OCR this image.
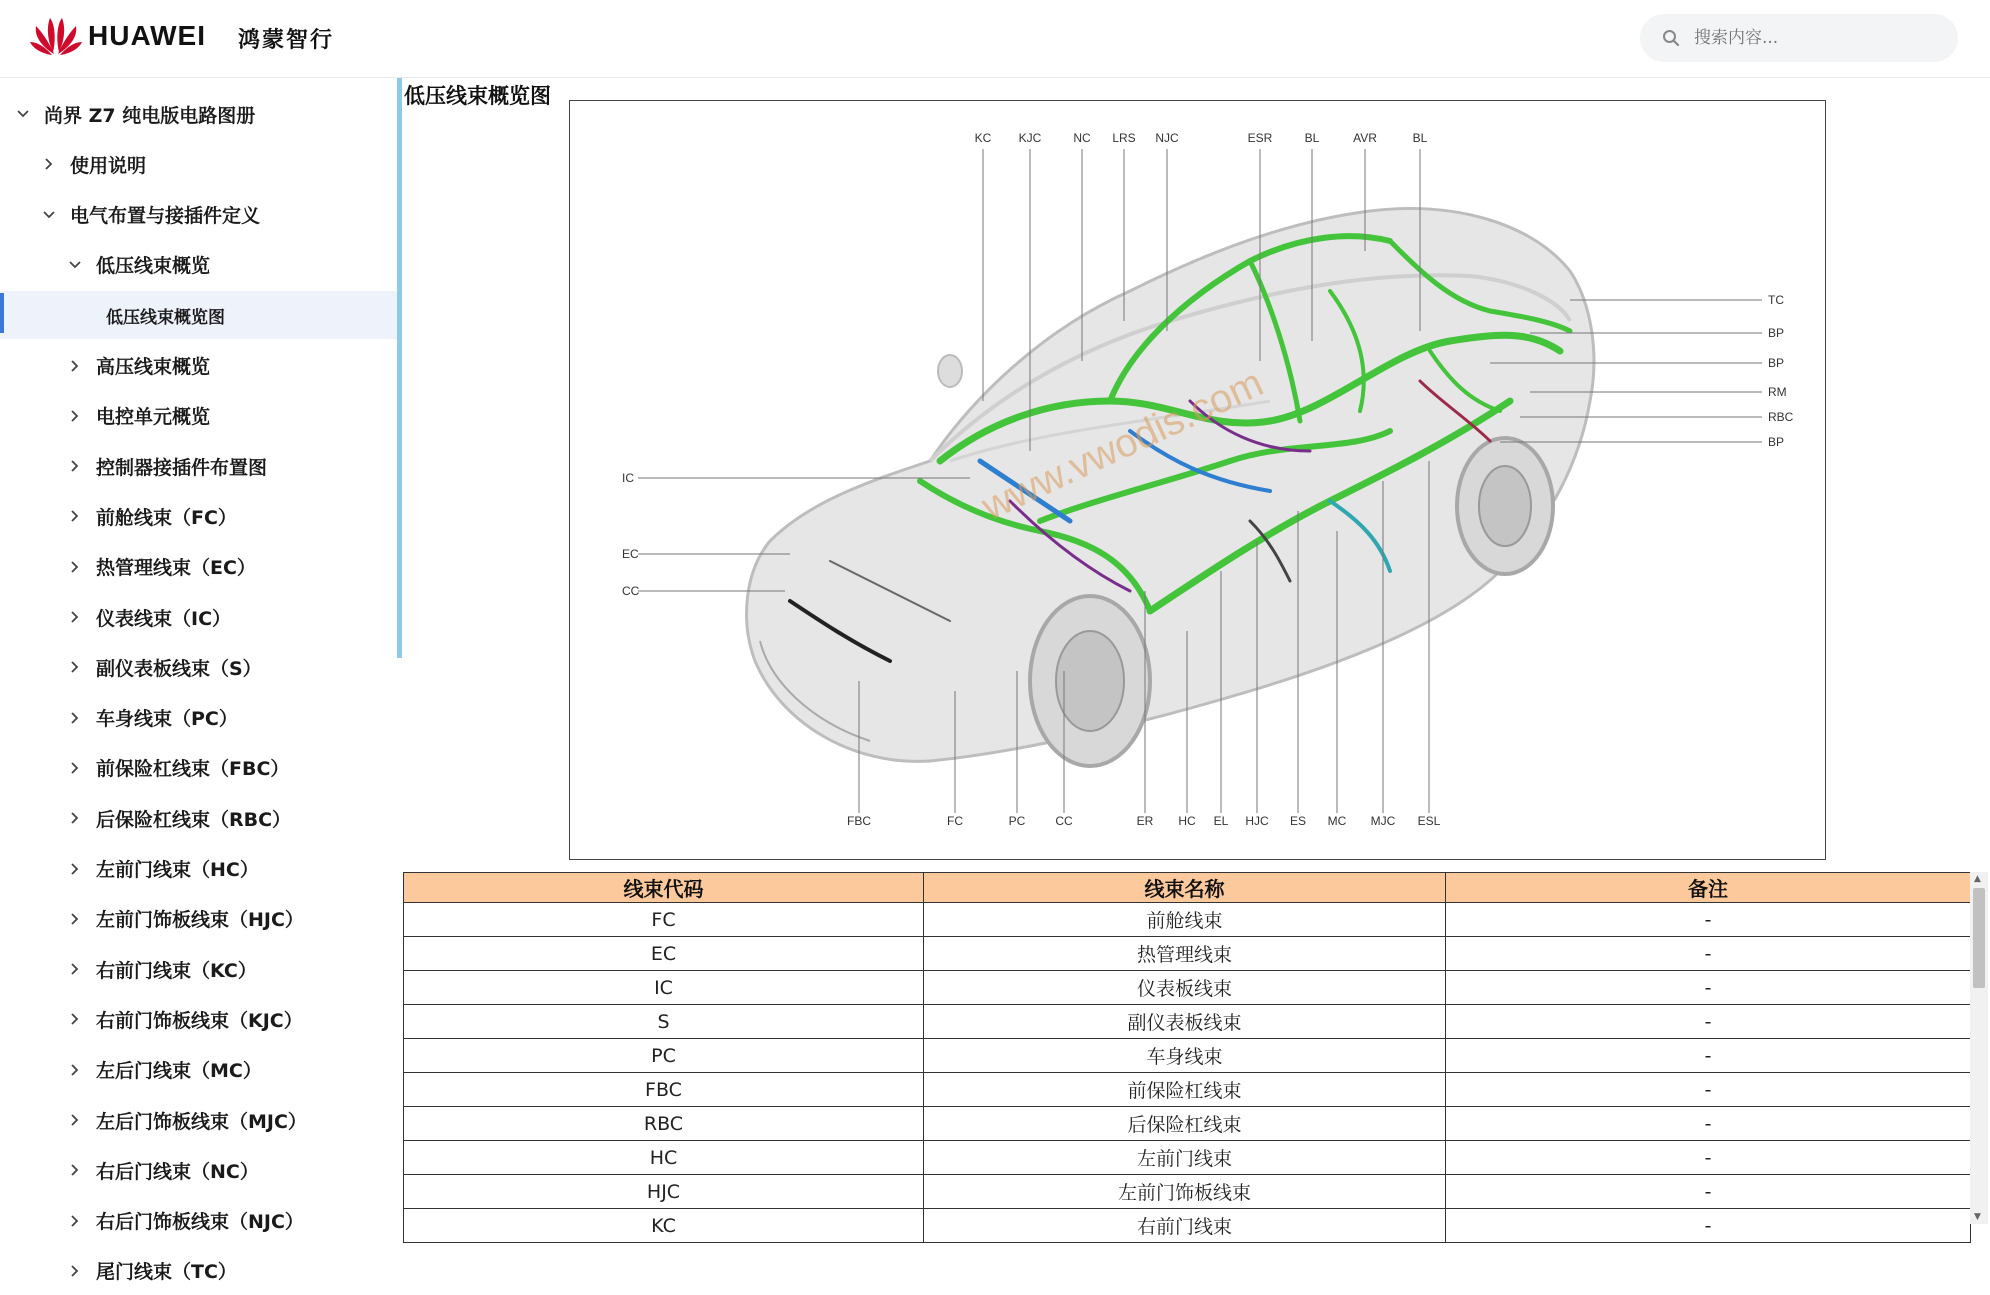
HUAWEI 鸿蒙智行
搜索内容...
尚界 Z7 纯电版电路图册
使用说明
电气布置与接插件定义
低压线束概览
低压线束概览图
高压线束概览
电控单元概览
控制器接插件布置图
前舱线束（FC）
热管理线束（EC）
仪表线束（IC）
副仪表板线束（S）
车身线束（PC）
前保险杠线束（FBC）
后保险杠线束（RBC）
左前门线束（HC）
左前门饰板线束（HJC）
右前门线束（KC）
右前门饰板线束（KJC）
左后门线束（MC）
左后门饰板线束（MJC）
右后门线束（NC）
右后门饰板线束（NJC）
尾门线束（TC）
低压线束概览图
KC KJC	NC LRS NJC	ESR	BL	AVR	BL
TC
BP
BP
RM
RBC
BP
IC
EC
CC
FBC	FC	PC CC	ER HC EL HJC ES MC MJC ESL
www.vwodis.com
线束代码	线束名称	备注
FC	前舱线束	-
EC	热管理线束	-
IC	仪表板线束	-
S	副仪表板线束	-
PC	车身线束	-
FBC	前保险杠线束	-
RBC	后保险杠线束	-
HC	左前门线束	-
HJC	左前门饰板线束	-
KC	右前门线束	-
▲
▼
